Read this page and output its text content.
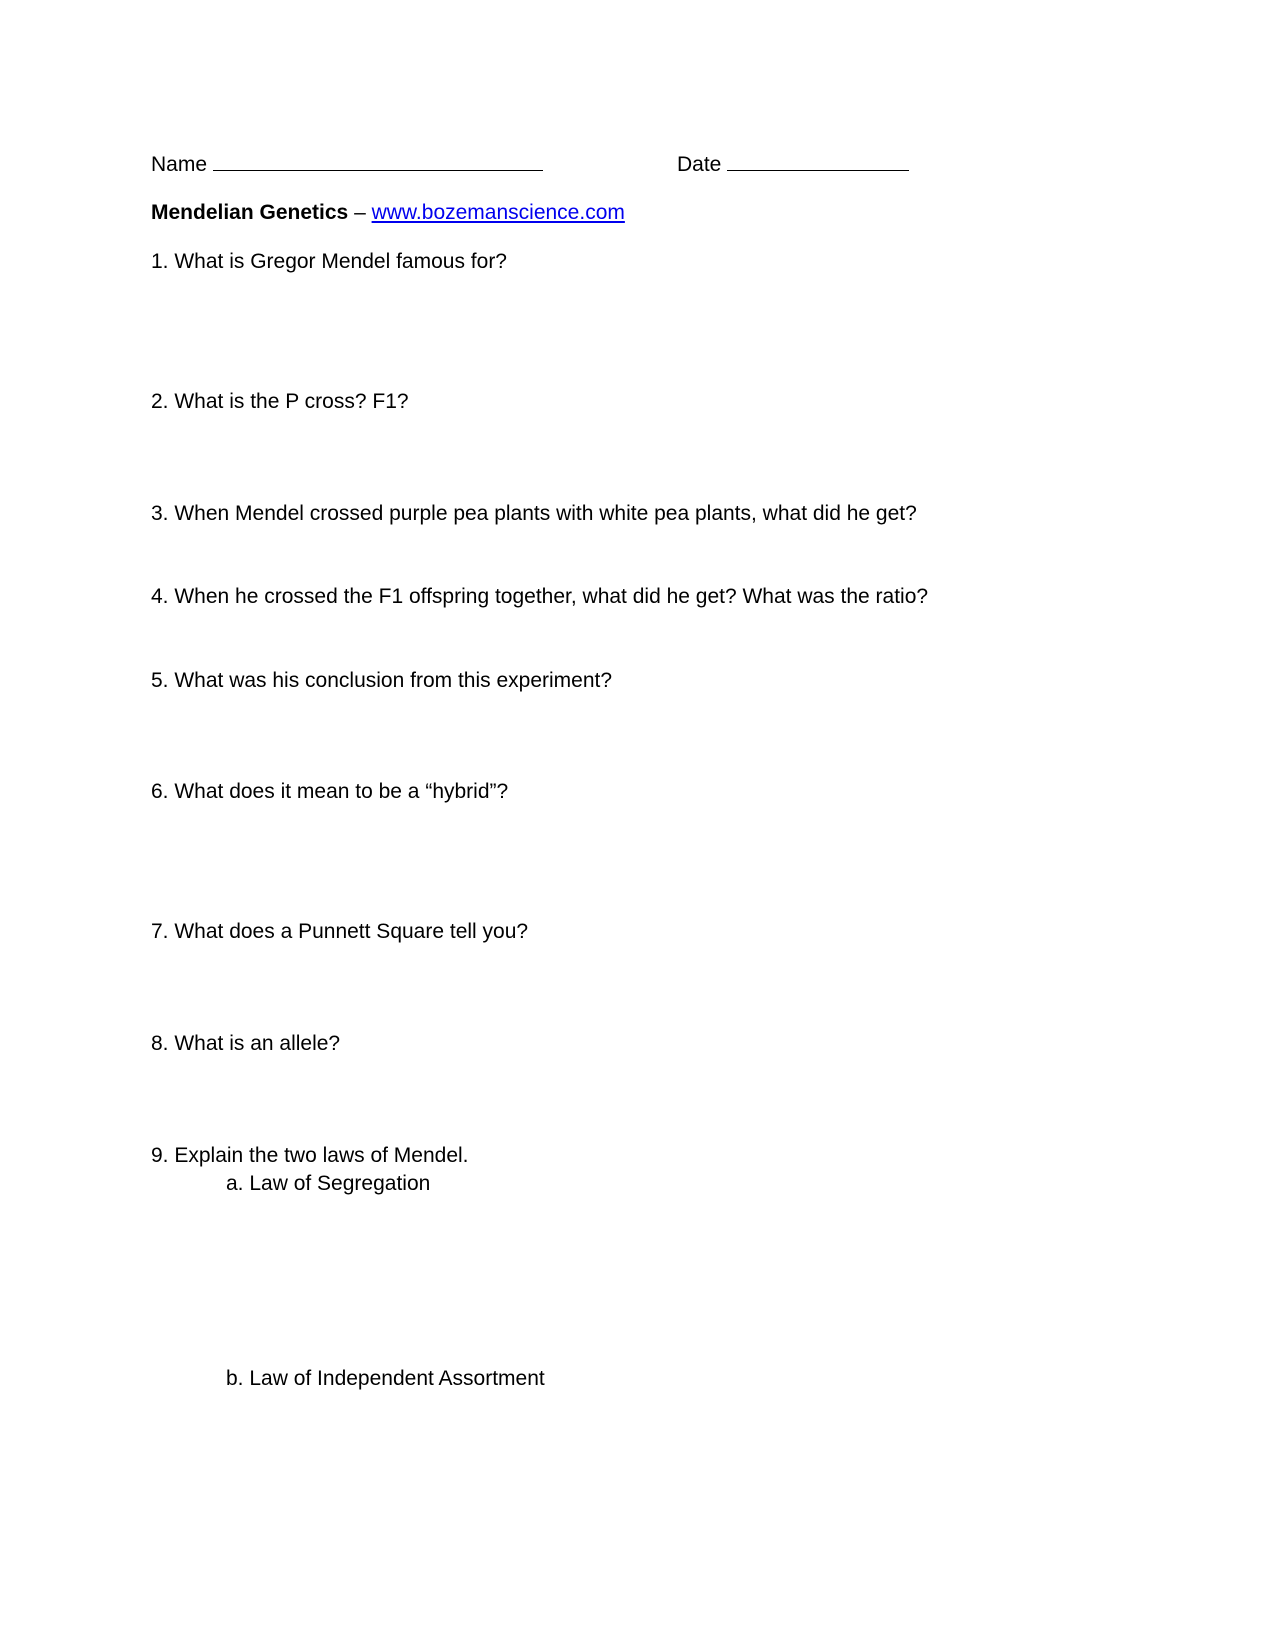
Name	Date
Mendelian Genetics – www.bozemanscience.com
1. What is Gregor Mendel famous for?
2. What is the P cross? F1?
3. When Mendel crossed purple pea plants with white pea plants, what did he get?
4. When he crossed the F1 offspring together, what did he get? What was the ratio?
5. What was his conclusion from this experiment?
6. What does it mean to be a “hybrid”?
7. What does a Punnett Square tell you?
8. What is an allele?
9. Explain the two laws of Mendel.
a. Law of Segregation
b. Law of Independent Assortment
